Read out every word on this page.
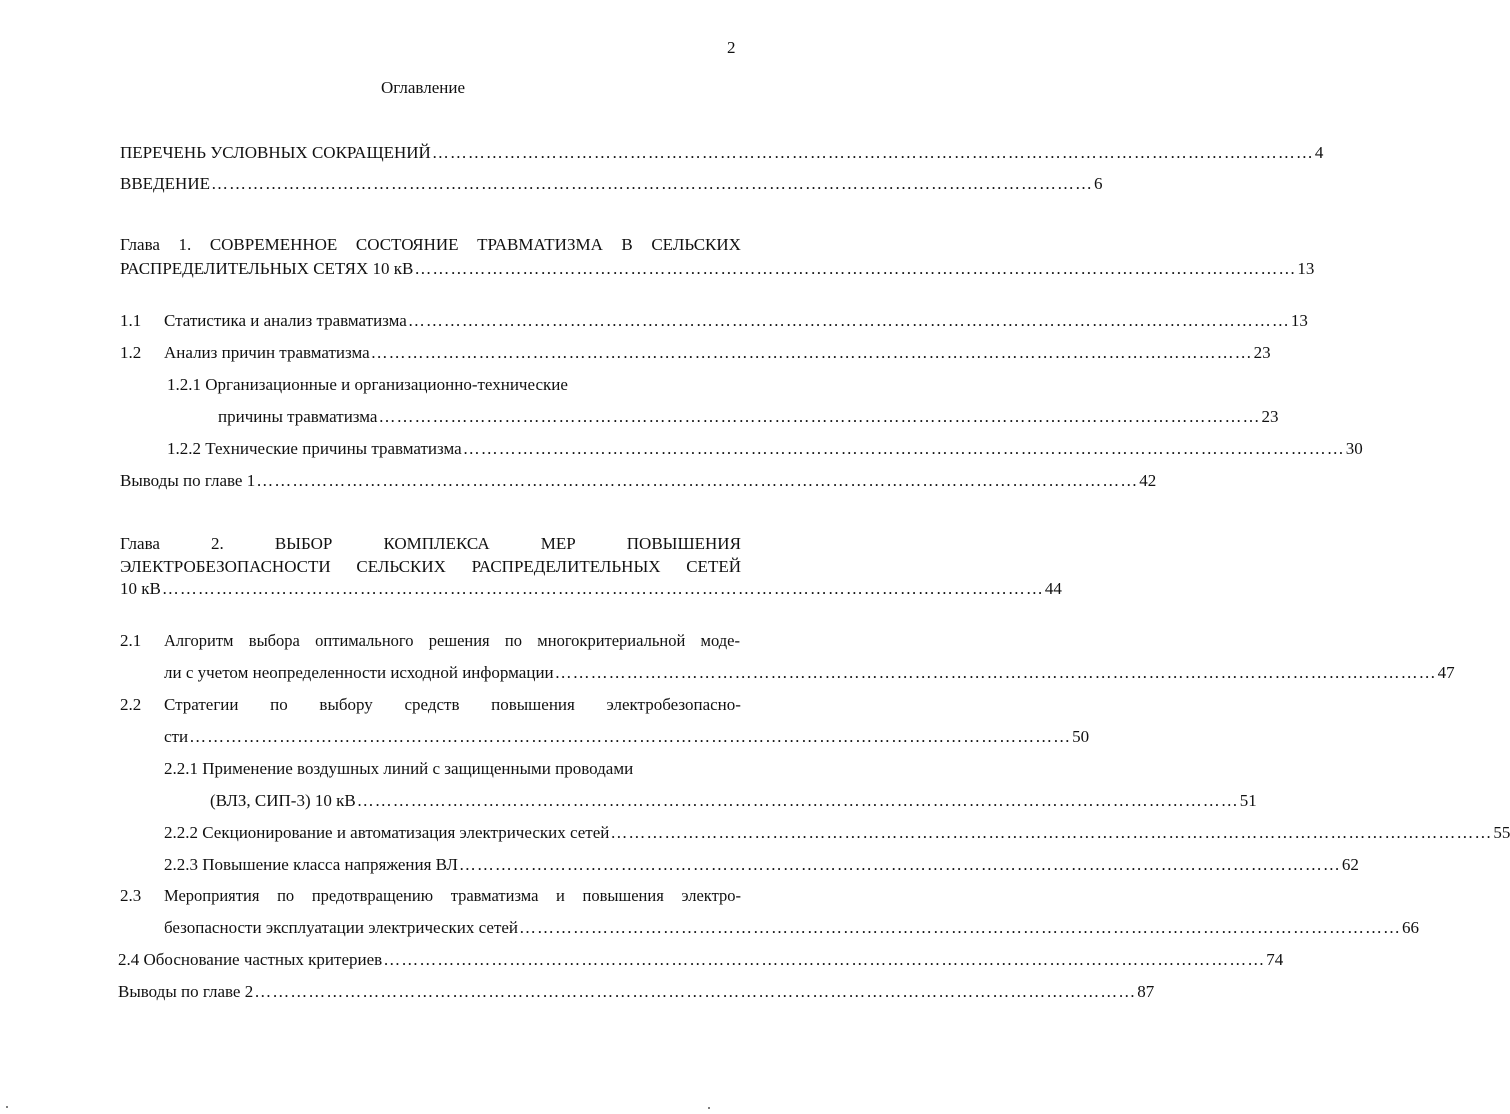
2
Оглавление
ПЕРЕЧЕНЬ УСЛОВНЫХ СОКРАЩЕНИЙ ………………………………………………………………………………………………………………………………… 4
ВВЕДЕНИЕ ………………………………………………………………………………………………………………………………… 6
Глава 1. СОВРЕМЕННОЕ СОСТОЯНИЕ ТРАВМАТИЗМА В СЕЛЬСКИХ
РАСПРЕДЕЛИТЕЛЬНЫХ СЕТЯХ 10 кВ ………………………………………………………………………………………………………………………………… 13
1.1 Статистика и анализ травматизма ………………………………………………………………………………………………………………………………… 13
1.2 Анализ причин травматизма ………………………………………………………………………………………………………………………………… 23
1.2.1 Организационные и организационно-технические
причины травматизма ………………………………………………………………………………………………………………………………… 23
1.2.2 Технические причины травматизма ………………………………………………………………………………………………………………………………… 30
Выводы по главе 1 ………………………………………………………………………………………………………………………………… 42
Глава	2.	ВЫБОР	КОМПЛЕКСА	МЕР	ПОВЫШЕНИЯ
ЭЛЕКТРОБЕЗОПАСНОСТИ СЕЛЬСКИХ РАСПРЕДЕЛИТЕЛЬНЫХ СЕТЕЙ
10 кВ ………………………………………………………………………………………………………………………………… 44
2.1 Алгоритм выбора оптимального решения по многокритериальной моде-
ли с учетом неопределенности исходной информации ………………………………………………………………………………………………………………………………… 47
2.2 Стратегии по выбору средств повышения электробезопасно-
сти ………………………………………………………………………………………………………………………………… 50
2.2.1 Применение воздушных линий с защищенными проводами
(ВЛЗ, СИП-3) 10 кВ ………………………………………………………………………………………………………………………………… 51
2.2.2 Секционирование и автоматизация электрических сетей ………………………………………………………………………………………………………………………………… 55
2.2.3 Повышение класса напряжения ВЛ ………………………………………………………………………………………………………………………………… 62
2.3 Мероприятия по предотвращению травматизма и повышения электро-
безопасности эксплуатации электрических сетей ………………………………………………………………………………………………………………………………… 66
2.4 Обоснование частных критериев ………………………………………………………………………………………………………………………………… 74
Выводы по главе 2 ………………………………………………………………………………………………………………………………… 87
